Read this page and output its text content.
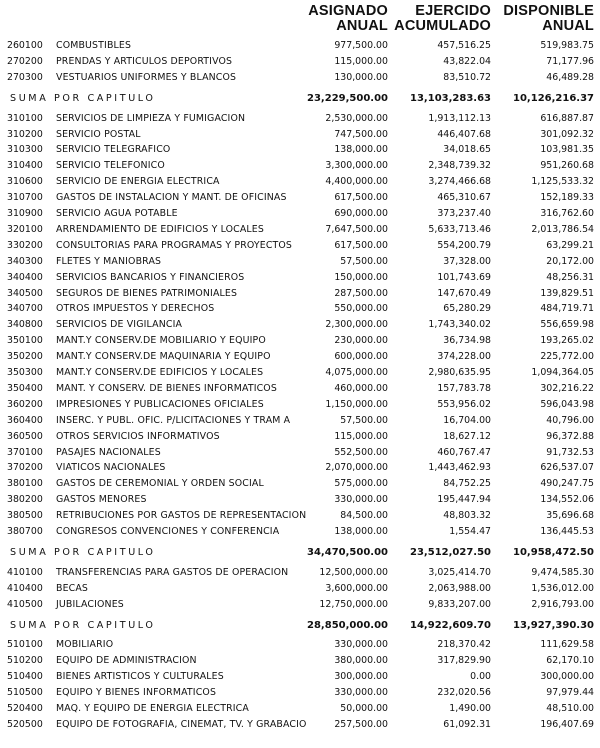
ASIGNADO
ANUAL
EJERCIDO
ACUMULADO
DISPONIBLE
ANUAL
260100 COMBUSTIBLES	977,500.00	457,516.25	519,983.75
270200 PRENDAS Y ARTICULOS DEPORTIVOS	115,000.00	43,822.04	71,177.96
270300 VESTUARIOS UNIFORMES Y BLANCOS	130,000.00	83,510.72	46,489.28
SUMA POR CAPITULO	23,229,500.00 13,103,283.63 10,126,216.37
310100 SERVICIOS DE LIMPIEZA Y FUMIGACION	2,530,000.00	1,913,112.13	616,887.87
310200 SERVICIO POSTAL	747,500.00	446,407.68	301,092.32
310300 SERVICIO TELEGRAFICO	138,000.00	34,018.65	103,981.35
310400 SERVICIO TELEFONICO	3,300,000.00	2,348,739.32	951,260.68
310600 SERVICIO DE ENERGIA ELECTRICA	4,400,000.00	3,274,466.68	1,125,533.32
310700 GASTOS DE INSTALACION Y MANT. DE OFICINAS	617,500.00	465,310.67	152,189.33
310900 SERVICIO AGUA POTABLE	690,000.00	373,237.40	316,762.60
320100 ARRENDAMIENTO DE EDIFICIOS Y LOCALES	7,647,500.00	5,633,713.46	2,013,786.54
330200 CONSULTORIAS PARA PROGRAMAS Y PROYECTOS	617,500.00	554,200.79	63,299.21
340300 FLETES Y MANIOBRAS	57,500.00	37,328.00	20,172.00
340400 SERVICIOS BANCARIOS Y FINANCIEROS	150,000.00	101,743.69	48,256.31
340500 SEGUROS DE BIENES PATRIMONIALES	287,500.00	147,670.49	139,829.51
340700 OTROS IMPUESTOS Y DERECHOS	550,000.00	65,280.29	484,719.71
340800 SERVICIOS DE VIGILANCIA	2,300,000.00	1,743,340.02	556,659.98
350100 MANT.Y CONSERV.DE MOBILIARIO Y EQUIPO	230,000.00	36,734.98	193,265.02
350200 MANT.Y CONSERV.DE MAQUINARIA Y EQUIPO	600,000.00	374,228.00	225,772.00
350300 MANT.Y CONSERV.DE EDIFICIOS Y LOCALES	4,075,000.00	2,980,635.95	1,094,364.05
350400 MANT. Y CONSERV. DE BIENES INFORMATICOS	460,000.00	157,783.78	302,216.22
360200 IMPRESIONES Y PUBLICACIONES OFICIALES	1,150,000.00	553,956.02	596,043.98
360400 INSERC. Y PUBL. OFIC. P/LICITACIONES Y TRAM A	57,500.00	16,704.00	40,796.00
360500 OTROS SERVICIOS INFORMATIVOS	115,000.00	18,627.12	96,372.88
370100 PASAJES NACIONALES	552,500.00	460,767.47	91,732.53
370200 VIATICOS NACIONALES	2,070,000.00	1,443,462.93	626,537.07
380100 GASTOS DE CEREMONIAL Y ORDEN SOCIAL	575,000.00	84,752.25	490,247.75
380200 GASTOS MENORES	330,000.00	195,447.94	134,552.06
380500 RETRIBUCIONES POR GASTOS DE REPRESENTACION	84,500.00	48,803.32	35,696.68
380700 CONGRESOS CONVENCIONES Y CONFERENCIA	138,000.00	1,554.47	136,445.53
SUMA POR CAPITULO	34,470,500.00 23,512,027.50 10,958,472.50
410100 TRANSFERENCIAS PARA GASTOS DE OPERACION	12,500,000.00	3,025,414.70	9,474,585.30
410400 BECAS	3,600,000.00	2,063,988.00	1,536,012.00
410500 JUBILACIONES	12,750,000.00	9,833,207.00	2,916,793.00
SUMA POR CAPITULO	28,850,000.00 14,922,609.70 13,927,390.30
510100 MOBILIARIO	330,000.00	218,370.42	111,629.58
510200 EQUIPO DE ADMINISTRACION	380,000.00	317,829.90	62,170.10
510400 BIENES ARTISTICOS Y CULTURALES	300,000.00	0.00	300,000.00
510500 EQUIPO Y BIENES INFORMATICOS	330,000.00	232,020.56	97,979.44
520400 MAQ. Y EQUIPO DE ENERGIA ELECTRICA	50,000.00	1,490.00	48,510.00
520500 EQUIPO DE FOTOGRAFIA, CINEMAT, TV. Y GRABACIO	257,500.00	61,092.31	196,407.69
